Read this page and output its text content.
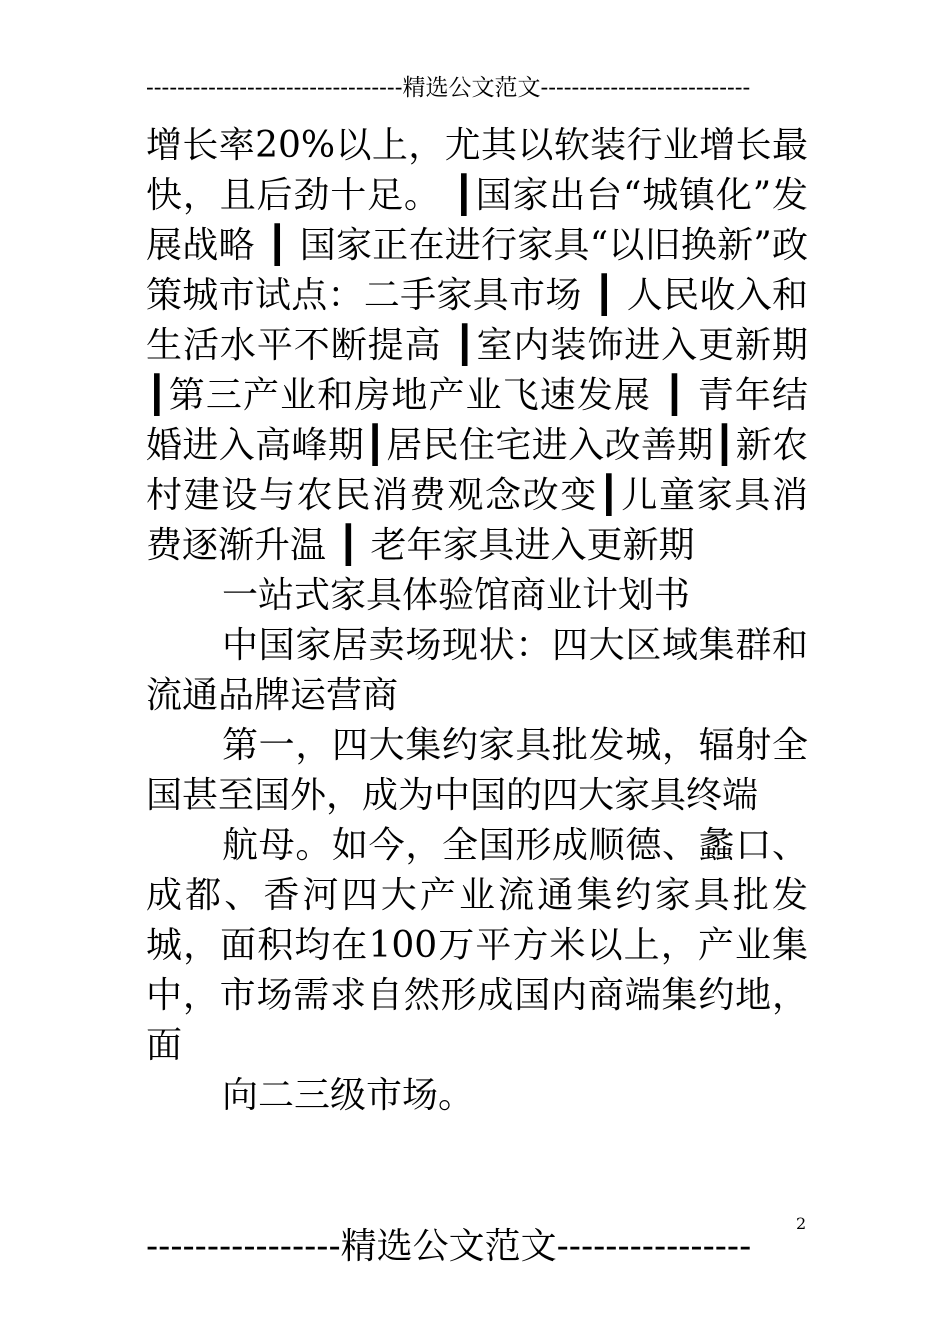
---------------------------------精选公文范文---------------------------

增长率20%以上，尤其以软装行业增长最快，且后劲十足。 ┃国家出台“城镇化”发展战略 ┃ 国家正在进行家具“以旧换新”政策城市试点：二手家具市场 ┃ 人民收入和生活水平不断提高 ┃室内装饰进入更新期┃第三产业和房地产业飞速发展 ┃ 青年结婚进入高峰期┃居民住宅进入改善期┃新农村建设与农民消费观念改变┃儿童家具消费逐渐升温 ┃ 老年家具进入更新期

一站式家具体验馆商业计划书

中国家居卖场现状：四大区域集群和流通品牌运营商

第一，四大集约家具批发城，辐射全国甚至国外，成为中国的四大家具终端

航母。如今，全国形成顺德、蠡口、成都、香河四大产业流通集约家具批发城，面积均在100万平方米以上，产业集中，市场需求自然形成国内商端集约地，面

向二三级市场。

2
----------------精选公文范文----------------
